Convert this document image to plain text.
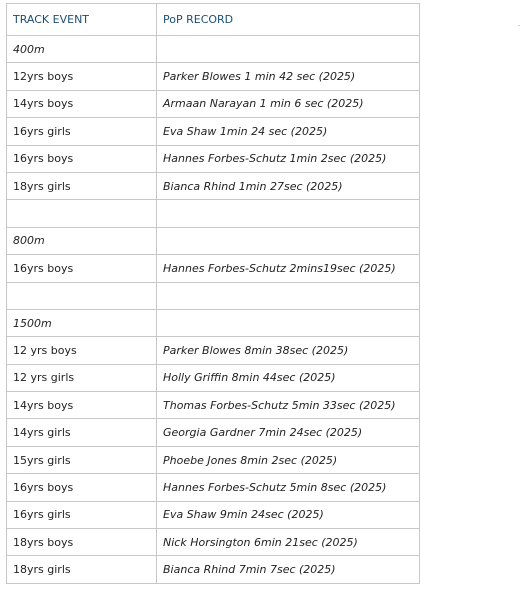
TRACK EVENT	PoP RECORD
400m	
12yrs boys	Parker Blowes 1 min 42 sec (2025)
14yrs boys	Armaan Narayan 1 min 6 sec (2025)
16yrs girls	Eva Shaw 1min 24 sec (2025)
16yrs boys	Hannes Forbes-Schutz 1min 2sec (2025)
18yrs girls	Bianca Rhind 1min 27sec (2025)

800m	
16yrs boys	Hannes Forbes-Schutz 2mins19sec (2025)

1500m	
12 yrs boys	Parker Blowes 8min 38sec (2025)
12 yrs girls	Holly Griffin 8min 44sec (2025)
14yrs boys	Thomas Forbes-Schutz 5min 33sec (2025)
14yrs girls	Georgia Gardner 7min 24sec (2025)
15yrs girls	Phoebe Jones 8min 2sec (2025)
16yrs boys	Hannes Forbes-Schutz 5min 8sec (2025)
16yrs girls	Eva Shaw 9min 24sec (2025)
18yrs boys	Nick Horsington 6min 21sec (2025)
18yrs girls	Bianca Rhind 7min 7sec (2025)
